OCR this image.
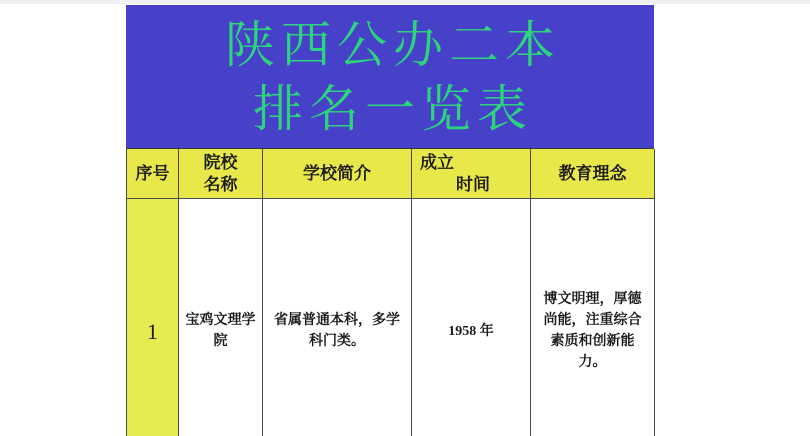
陕西公办二本
排名一览表
序号
院校
名称
学校简介
成立
时间
教育理念
1 宝鸡文理学院
省属普通本科，多学科门类。
1958 年
博文明理，厚德尚能，注重综合素质和创新能力。
